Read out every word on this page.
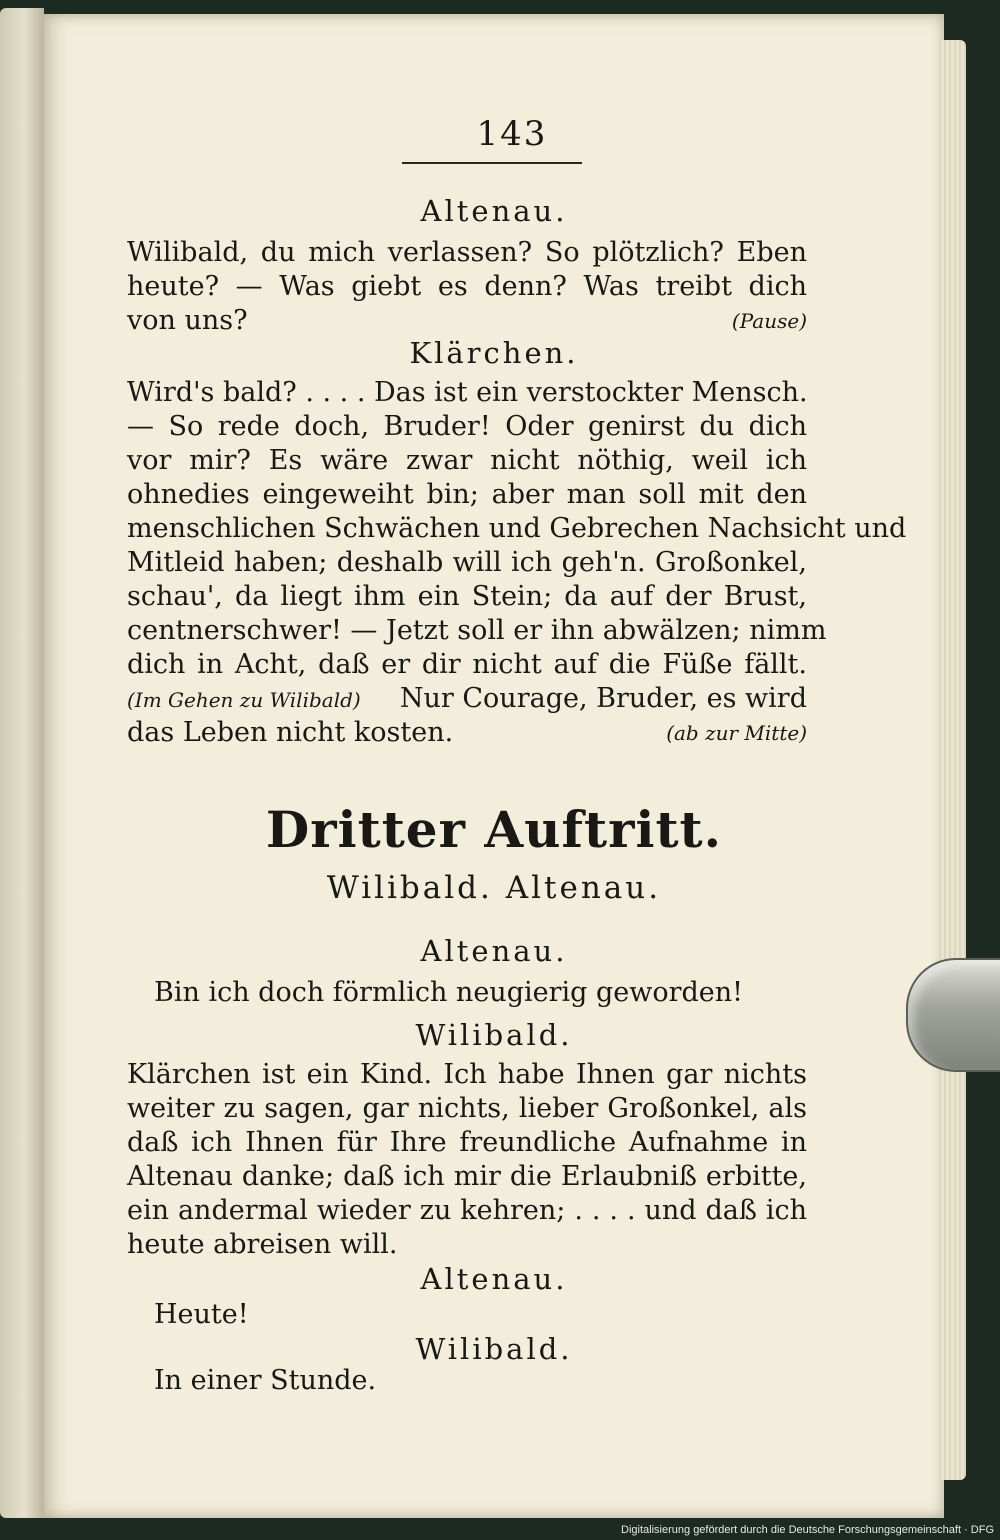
143
Altenau.
Wilibald, du mich verlassen? So plötzlich? Eben
heute? — Was giebt es denn? Was treibt dich
von uns?	(Pause)
Klärchen.
Wird's bald? . . . . Das ist ein verstockter Mensch.
— So rede doch, Bruder! Oder genirst du dich
vor mir? Es wäre zwar nicht nöthig, weil ich
ohnedies eingeweiht bin; aber man soll mit den
menschlichen Schwächen und Gebrechen Nachsicht und
Mitleid haben; deshalb will ich geh'n. Großonkel,
schau', da liegt ihm ein Stein; da auf der Brust,
centnerschwer! — Jetzt soll er ihn abwälzen; nimm
dich in Acht, daß er dir nicht auf die Füße fällt.
(Im Gehen zu Wilibald) Nur Courage, Bruder, es wird
das Leben nicht kosten.	(ab zur Mitte)
Dritter Auftritt.
Wilibald. Altenau.
Altenau.
Bin ich doch förmlich neugierig geworden!
Wilibald.
Klärchen ist ein Kind. Ich habe Ihnen gar nichts
weiter zu sagen, gar nichts, lieber Großonkel, als
daß ich Ihnen für Ihre freundliche Aufnahme in
Altenau danke; daß ich mir die Erlaubniß erbitte,
ein andermal wieder zu kehren; . . . . und daß ich
heute abreisen will.
Altenau.
Heute!
Wilibald.
In einer Stunde.
Digitalisierung gefördert durch die Deutsche Forschungsgemeinschaft · DFG
